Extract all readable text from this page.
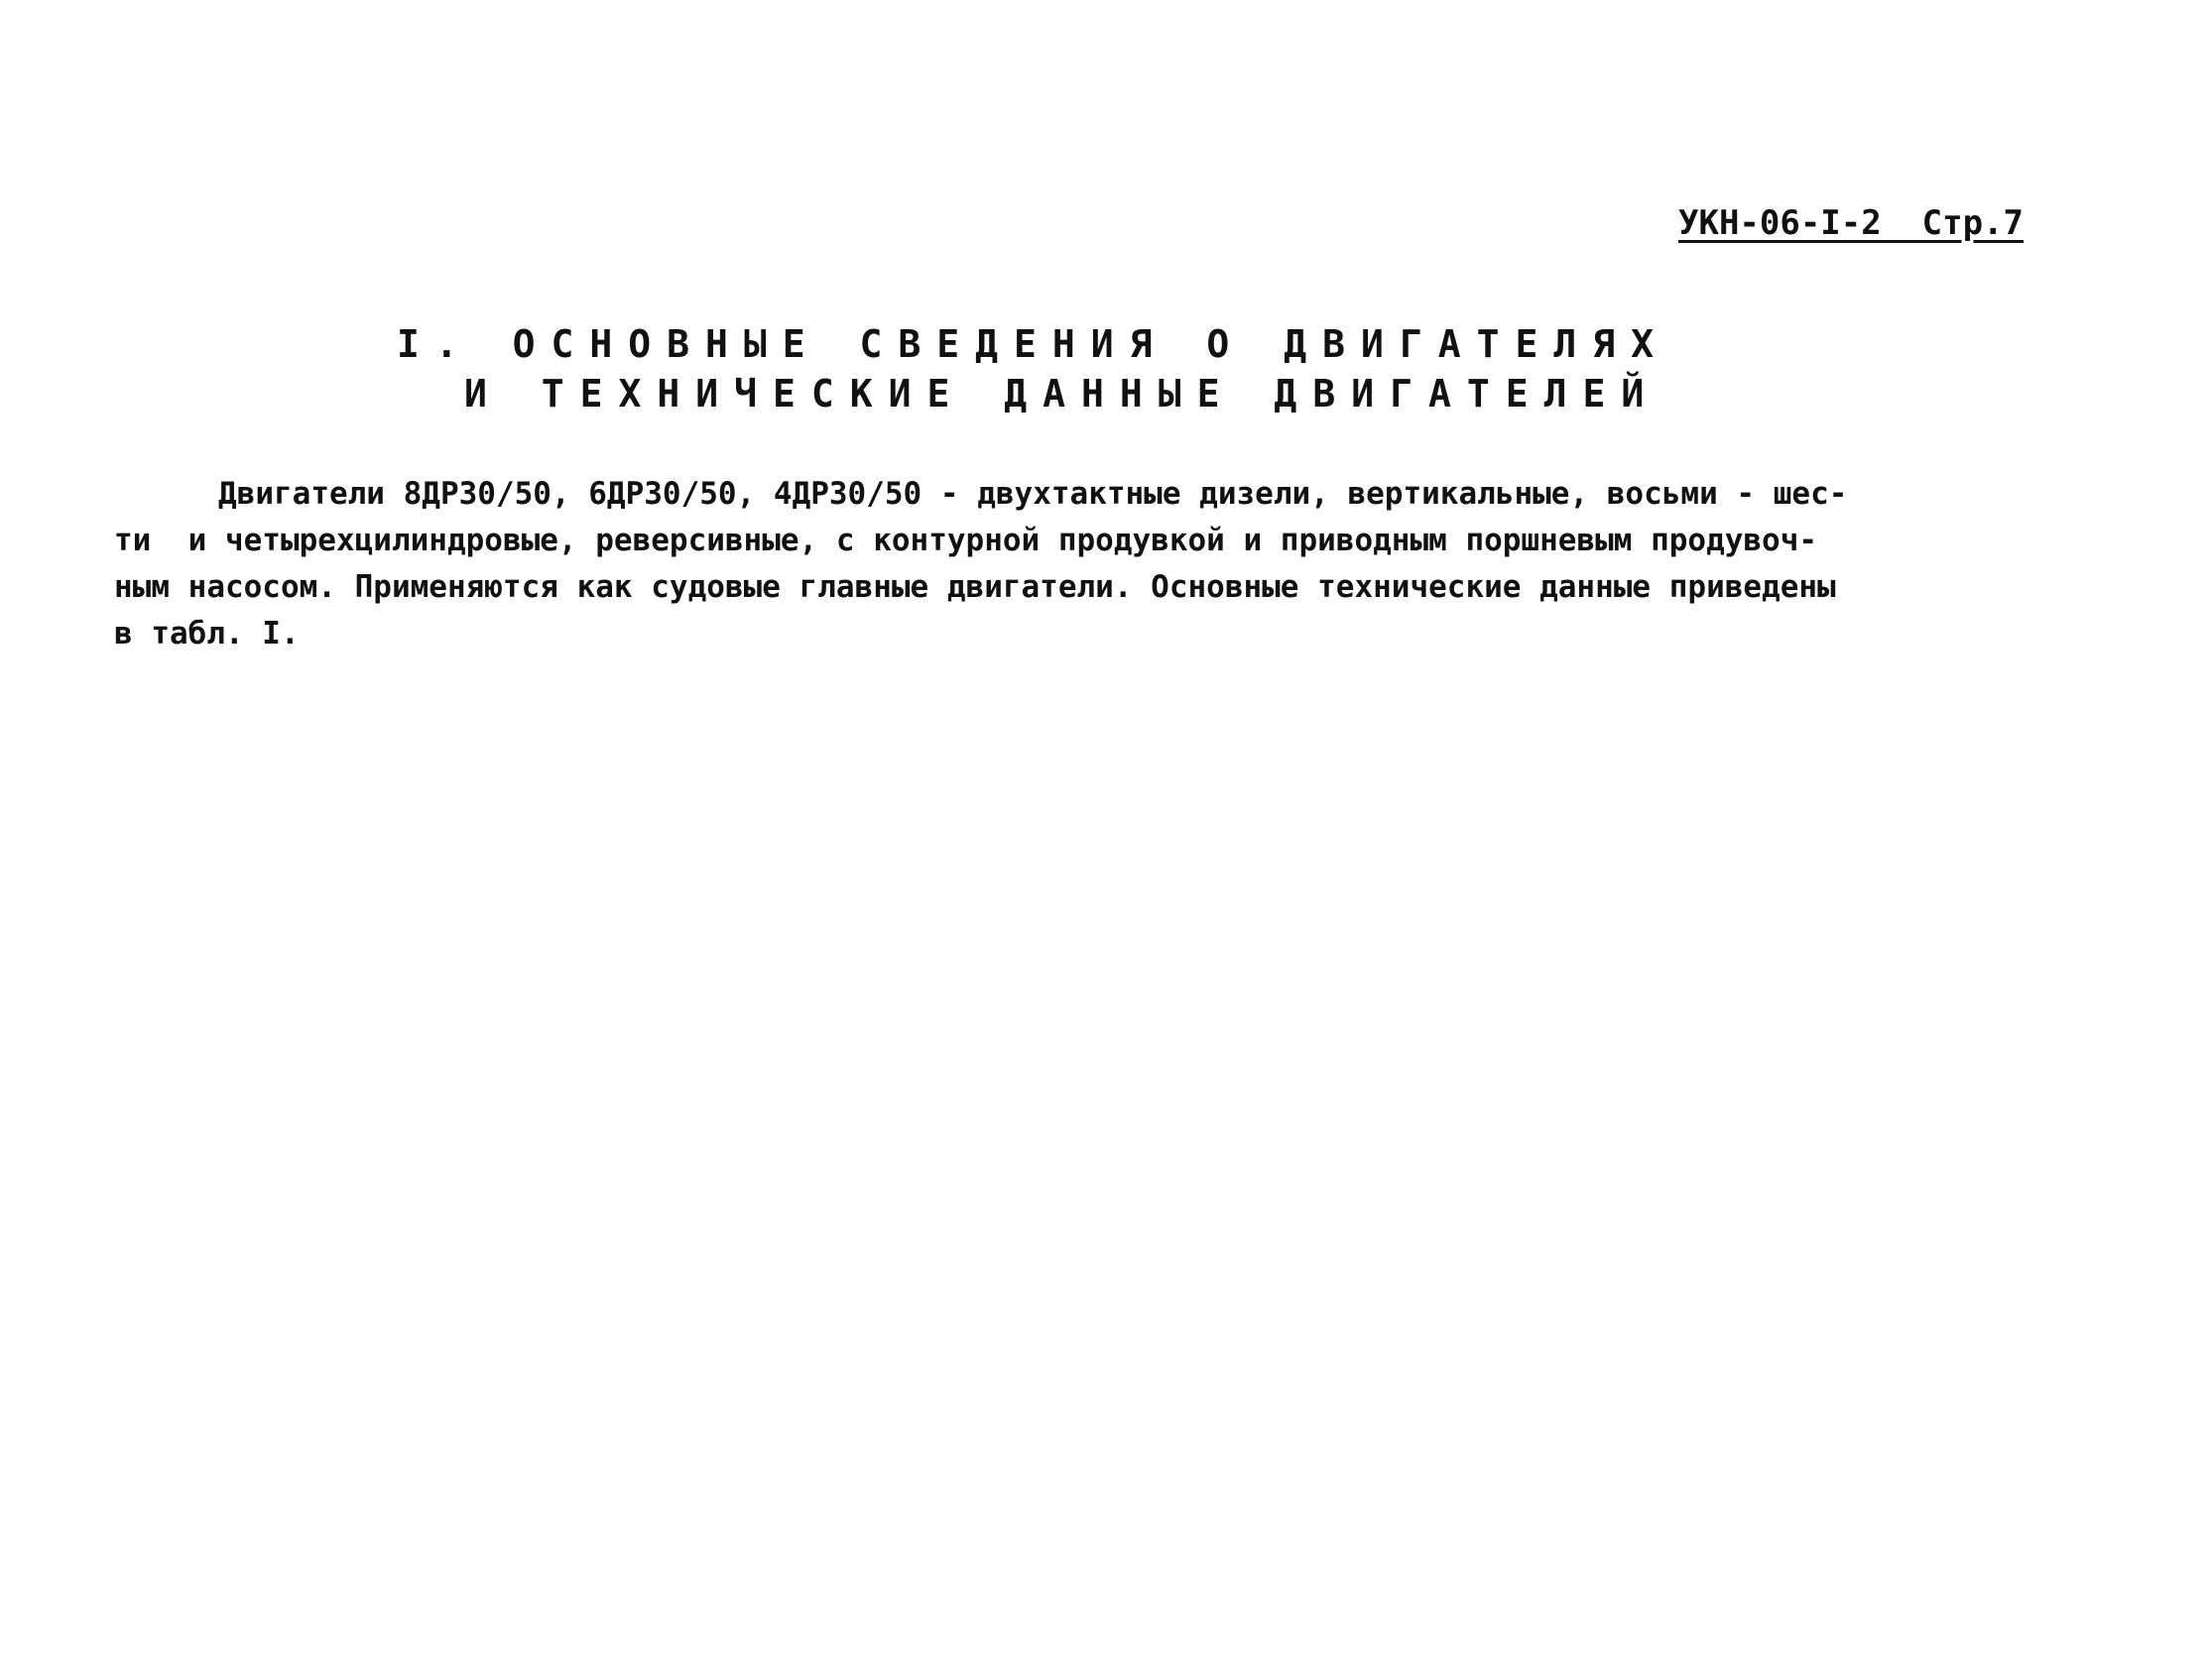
УКН-06-І-2  Стр.7
І. ОСНОВНЫЕ СВЕДЕНИЯ О ДВИГАТЕЛЯХ
И ТЕХНИЧЕСКИЕ ДАННЫЕ ДВИГАТЕЛЕЙ
Двигатели 8ДР30/50, 6ДР30/50, 4ДР30/50 - двухтактные дизели, вертикальные, восьми - шес-
ти  и четырехцилиндровые, реверсивные, с контурной продувкой и приводным поршневым продувоч-
ным насосом. Применяются как судовые главные двигатели. Основные технические данные приведены
в табл. І.
